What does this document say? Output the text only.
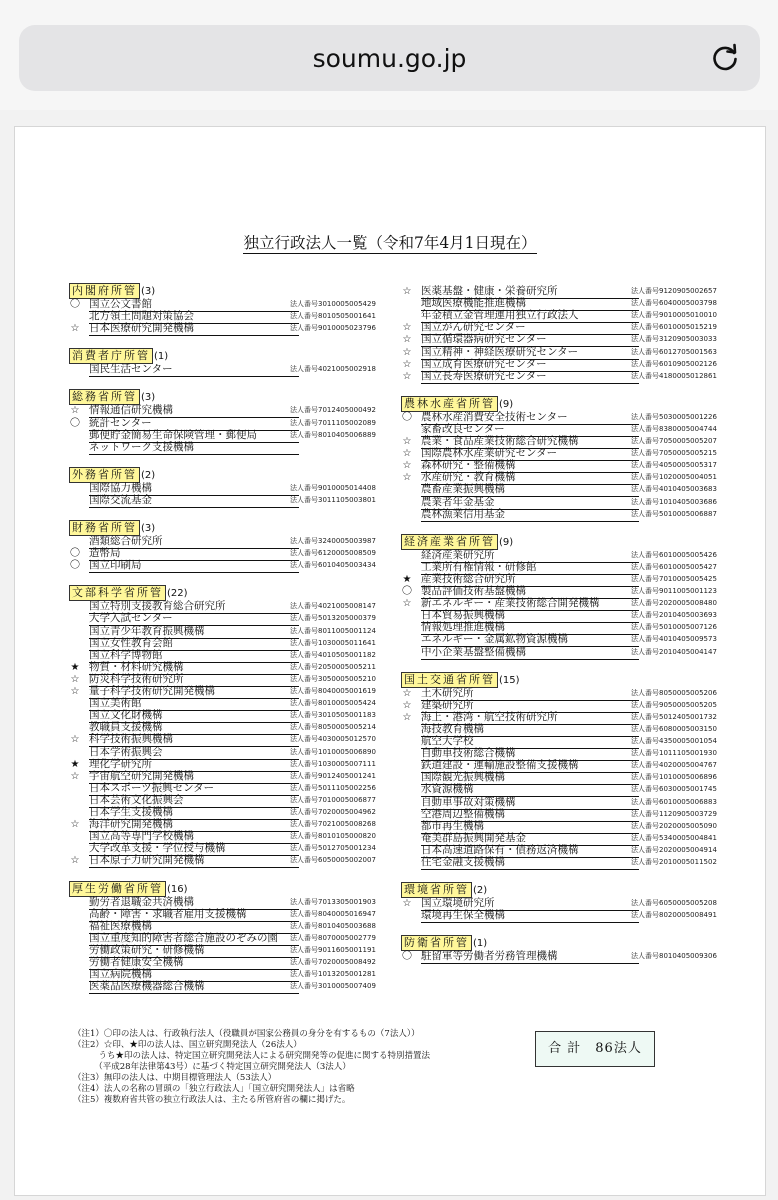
soumu.go.jp
独立行政法人一覧（令和7年4月1日現在）
内閣府所管 (3)
〇 国立公文書館	法人番号3010005005429
北方領土問題対策協会	法人番号8010505001641
☆ 日本医療研究開発機構	法人番号9010005023796
消費者庁所管 (1)
国民生活センター	法人番号4021005002918
総務省所管 (3)
☆ 情報通信研究機構	法人番号7012405000492
〇 統計センター	法人番号7011105002089
郵便貯金簡易生命保険管理・郵便局	法人番号8010405006889
ネットワーク支援機構
外務省所管 (2)
国際協力機構	法人番号9010005014408
国際交流基金	法人番号3011105003801
財務省所管 (3)
酒類総合研究所	法人番号3240005003987
〇 造幣局	法人番号6120005008509
〇 国立印刷局	法人番号6010405003434
文部科学省所管 (22)
国立特別支援教育総合研究所	法人番号4021005008147
大学入試センター	法人番号5013205000379
国立青少年教育振興機構	法人番号8011005001124
国立女性教育会館	法人番号1030005011641
国立科学博物館	法人番号4010505001182
★ 物質・材料研究機構	法人番号2050005005211
☆ 防災科学技術研究所	法人番号3050005005210
☆ 量子科学技術研究開発機構	法人番号8040005001619
国立美術館	法人番号8010005005424
国立文化財機構	法人番号3010505001183
教職員支援機構	法人番号8050005005214
☆ 科学技術振興機構	法人番号4030005012570
日本学術振興会	法人番号1010005006890
★ 理化学研究所	法人番号1030005007111
☆ 宇宙航空研究開発機構	法人番号9012405001241
日本スポーツ振興センター	法人番号5011105002256
日本芸術文化振興会	法人番号7010005006877
日本学生支援機構	法人番号7020005004962
☆ 海洋研究開発機構	法人番号7021005008268
国立高等専門学校機構	法人番号8010105000820
大学改革支援・学位授与機構	法人番号5012705001234
☆ 日本原子力研究開発機構	法人番号6050005002007
厚生労働省所管 (16)
勤労者退職金共済機構	法人番号7013305001903
高齢・障害・求職者雇用支援機構	法人番号8040005016947
福祉医療機構	法人番号8010405003688
国立重度知的障害者総合施設のぞみの園	法人番号8070005002779
労働政策研究・研修機構	法人番号9011605001191
労働者健康安全機構	法人番号7020005008492
国立病院機構	法人番号1013205001281
医薬品医療機器総合機構	法人番号3010005007409
☆ 医薬基盤・健康・栄養研究所	法人番号9120905002657
地域医療機能推進機構	法人番号6040005003798
年金積立金管理運用独立行政法人	法人番号9010005010010
☆ 国立がん研究センター	法人番号6010005015219
☆ 国立循環器病研究センター	法人番号3120905003033
☆ 国立精神・神経医療研究センター	法人番号6012705001563
☆ 国立成育医療研究センター	法人番号6010905002126
☆ 国立長寿医療研究センター	法人番号4180005012861
農林水産省所管 (9)
〇 農林水産消費安全技術センター	法人番号5030005001226
家畜改良センター	法人番号8380005004744
☆ 農業・食品産業技術総合研究機構	法人番号7050005005207
☆ 国際農林水産業研究センター	法人番号7050005005215
☆ 森林研究・整備機構	法人番号4050005005317
☆ 水産研究・教育機構	法人番号1020005004051
農畜産業振興機構	法人番号4010405003683
農業者年金基金	法人番号1010405003686
農林漁業信用基金	法人番号5010005006887
経済産業省所管 (9)
経済産業研究所	法人番号6010005005426
工業所有権情報・研修館	法人番号6010005005427
★ 産業技術総合研究所	法人番号7010005005425
〇 製品評価技術基盤機構	法人番号9011005001123
☆ 新エネルギー・産業技術総合開発機構	法人番号2020005008480
日本貿易振興機構	法人番号2010405003693
情報処理推進機構	法人番号5010005007126
エネルギー・金属鉱物資源機構	法人番号4010405009573
中小企業基盤整備機構	法人番号2010405004147
国土交通省所管 (15)
☆ 土木研究所	法人番号8050005005206
☆ 建築研究所	法人番号9050005005205
☆ 海上・港湾・航空技術研究所	法人番号5012405001732
海技教育機構	法人番号6080005003150
航空大学校	法人番号4350005001054
自動車技術総合機構	法人番号1011105001930
鉄道建設・運輸施設整備支援機構	法人番号4020005004767
国際観光振興機構	法人番号1010005006896
水資源機構	法人番号6030005001745
自動車事故対策機構	法人番号6010005006883
空港周辺整備機構	法人番号1120905003729
都市再生機構	法人番号2020005005090
奄美群島振興開発基金	法人番号5340005004841
日本高速道路保有・債務返済機構	法人番号2020005004914
住宅金融支援機構	法人番号2010005011502
環境省所管 (2)
☆ 国立環境研究所	法人番号6050005005208
環境再生保全機構	法人番号8020005008491
防衛省所管 (1)
〇 駐留軍等労働者労務管理機構	法人番号8010405009306
合 計　86法人
（注1）〇印の法人は、行政執行法人（役職員が国家公務員の身分を有するもの（7法人））
（注2）☆印、★印の法人は、国立研究開発法人（26法人）
　　　うち★印の法人は、特定国立研究開発法人による研究開発等の促進に関する特別措置法
　　　（平成28年法律第43号）に基づく特定国立研究開発法人（3法人）
（注3）無印の法人は、中期目標管理法人（53法人）
（注4）法人の名称の冒頭の「独立行政法人」「国立研究開発法人」は省略
（注5）複数府省共管の独立行政法人は、主たる所管府省の欄に掲げた。
